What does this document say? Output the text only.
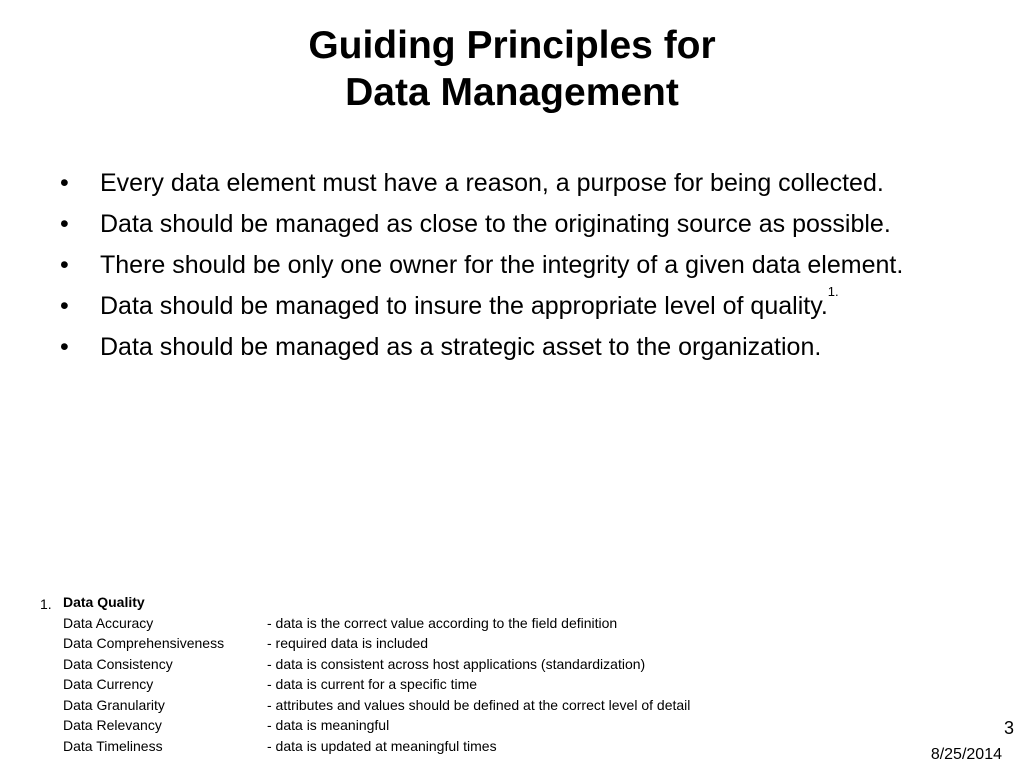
Guiding Principles for
Data Management
• Every data element must have a reason, a purpose for being collected.
• Data should be managed as close to the originating source as possible.
• There should be only one owner for the integrity of a given data element.
• Data should be managed to insure the appropriate level of quality.$^{1.}$
• Data should be managed as a strategic asset to the organization.
1. Data Quality
Data Accuracy	- data is the correct value according to the field definition
Data Comprehensiveness	- required data is included
Data Consistency	- data is consistent across host applications (standardization)
Data Currency	- data is current for a specific time
Data Granularity	- attributes and values should be defined at the correct level of detail
Data Relevancy	- data is meaningful
Data Timeliness	- data is updated at meaningful times
3
8/25/2014
